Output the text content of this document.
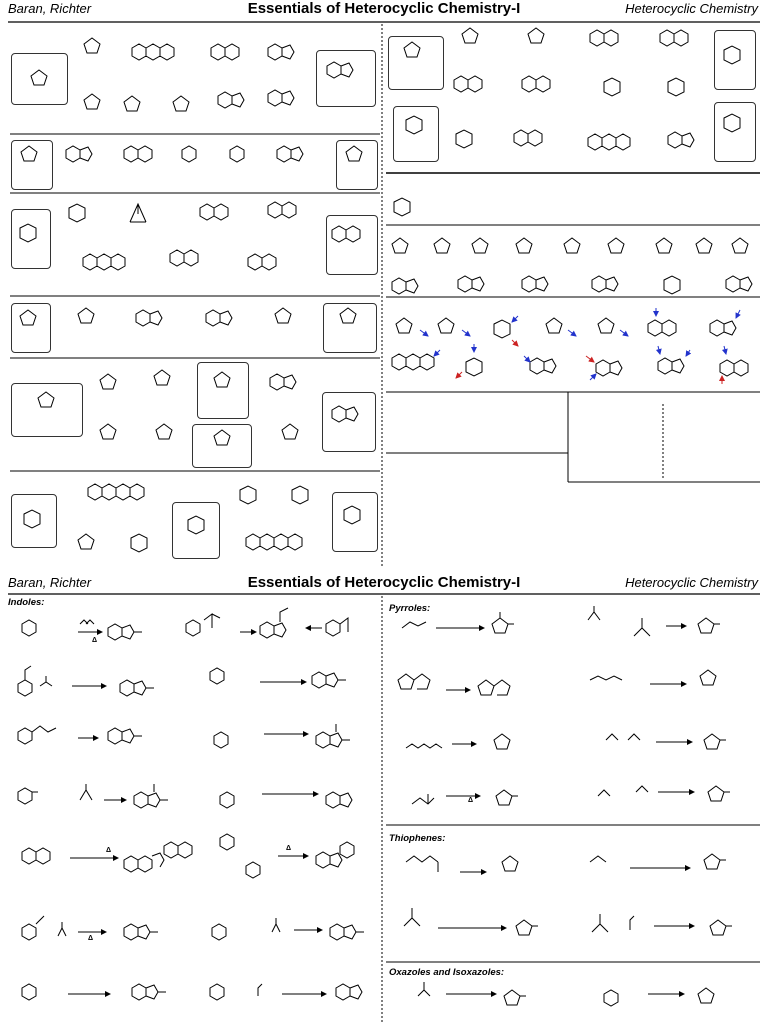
Baran, Richter	Essentials of Heterocyclic Chemistry-I	Heterocyclic Chemistry
Baran, Richter	Essentials of Heterocyclic Chemistry-I	Heterocyclic Chemistry
Indoles:
Pyrroles:
Thiophenes:
Oxazoles and Isoxazoles:
Δ
Δ	Δ
Δ
Δ
